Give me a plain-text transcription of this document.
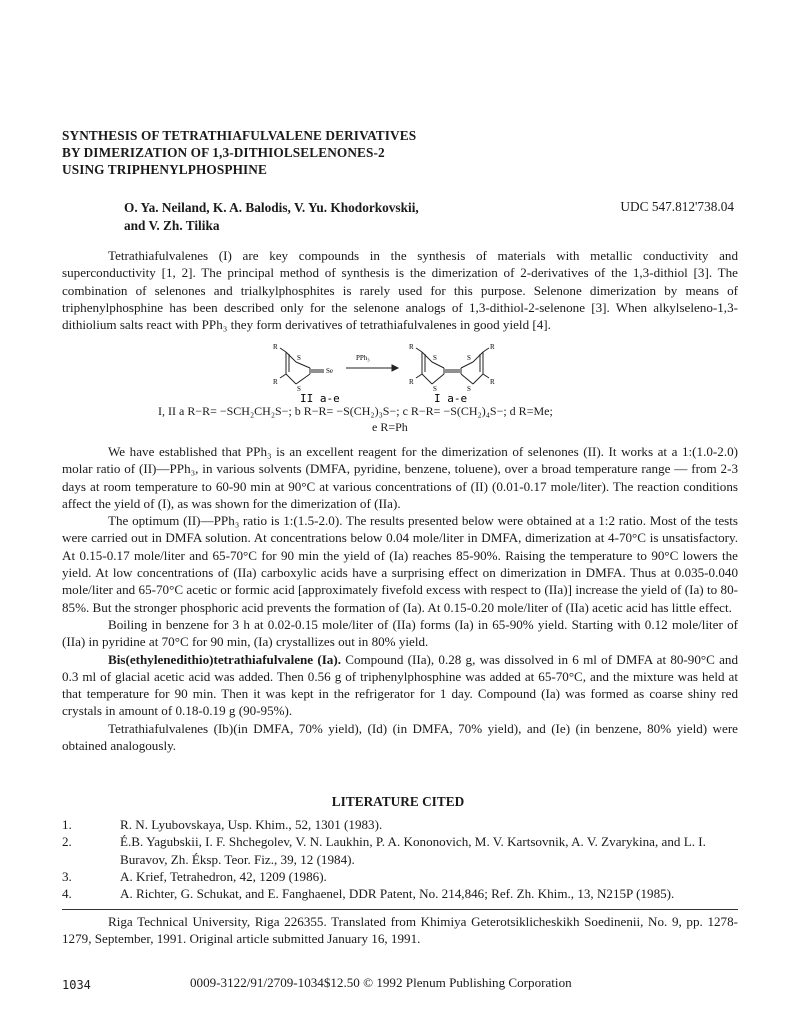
SYNTHESIS OF TETRATHIAFULVALENE DERIVATIVES
BY DIMERIZATION OF 1,3-DITHIOLSELENONES-2
USING TRIPHENYLPHOSPHINE
O. Ya. Neiland, K. A. Balodis, V. Yu. Khodorkovskii,
and V. Zh. Tilika
UDC 547.812'738.04

Tetrathiafulvalenes (I) are key compounds in the synthesis of materials with metallic conductivity and superconductivity [1, 2]. The principal method of synthesis is the dimerization of 2-derivatives of the 1,3-dithiol [3]. The combination of selenones and trialkylphosphites is rarely used for this purpose. Selenone dimerization by means of triphenylphosphine has been described only for the selenone analogs of 1,3-dithiol-2-selenone [3]. When alkylseleno-1,3-dithiolium salts react with PPh₃ they form derivatives of tetrathiafulvalenes in good yield [4].

R
R
S
S
Se
PPh₃
R
R
R
R
S
S
S
S
II a-e	I a-e
I, II a R−R= −SCH₂CH₂S−; b R−R= −S(CH₂)₃S−; c R−R= −S(CH₂)₄S−; d R=Me;
e R=Ph

We have established that PPh₃ is an excellent reagent for the dimerization of selenones (II). It works at a 1:(1.0-2.0) molar ratio of (II)—PPh₃, in various solvents (DMFA, pyridine, benzene, toluene), over a broad temperature range — from 2-3 days at room temperature to 60-90 min at 90°C at various concentrations of (II) (0.01-0.17 mole/liter). The reaction conditions affect the yield of (I), as was shown for the dimerization of (IIa).

The optimum (II)—PPh₃ ratio is 1:(1.5-2.0). The results presented below were obtained at a 1:2 ratio. Most of the tests were carried out in DMFA solution. At concentrations below 0.04 mole/liter in DMFA, dimerization at 4-70°C is unsatisfactory. At 0.15-0.17 mole/liter and 65-70°C for 90 min the yield of (Ia) reaches 85-90%. Raising the temperature to 90°C lowers the yield. At low concentrations of (IIa) carboxylic acids have a surprising effect on dimerization in DMFA. Thus at 0.035-0.040 mole/liter and 65-70°C acetic or formic acid [approximately fivefold excess with respect to (IIa)] increase the yield of (Ia) to 80-85%. But the stronger phosphoric acid prevents the formation of (Ia). At 0.15-0.20 mole/liter of (IIa) acetic acid has little effect.

Boiling in benzene for 3 h at 0.02-0.15 mole/liter of (IIa) forms (Ia) in 65-90% yield. Starting with 0.12 mole/liter of (IIa) in pyridine at 70°C for 90 min, (Ia) crystallizes out in 80% yield.

Bis(ethylenedithio)tetrathiafulvalene (Ia). Compound (IIa), 0.28 g, was dissolved in 6 ml of DMFA at 80-90°C and 0.3 ml of glacial acetic acid was added. Then 0.56 g of triphenylphosphine was added at 65-70°C, and the mixture was held at that temperature for 90 min. Then it was kept in the refrigerator for 1 day. Compound (Ia) was formed as coarse shiny red crystals in amount of 0.18-0.19 g (90-95%).

Tetrathiafulvalenes (Ib)(in DMFA, 70% yield), (Id) (in DMFA, 70% yield), and (Ie) (in benzene, 80% yield) were obtained analogously.

LITERATURE CITED
1.	R. N. Lyubovskaya, Usp. Khim., 52, 1301 (1983).
2.	É.B. Yagubskii, I. F. Shchegolev, V. N. Laukhin, P. A. Kononovich, M. V. Kartsovnik, A. V. Zvarykina, and L. I. Buravov, Zh. Éksp. Teor. Fiz., 39, 12 (1984).
3.	A. Krief, Tetrahedron, 42, 1209 (1986).
4.	A. Richter, G. Schukat, and E. Fanghaenel, DDR Patent, No. 214,846; Ref. Zh. Khim., 13, N215P (1985).

Riga Technical University, Riga 226355. Translated from Khimiya Geterotsiklicheskikh Soedinenii, No. 9, pp. 1278-1279, September, 1991. Original article submitted January 16, 1991.

1034	0009-3122/91/2709-1034$12.50 © 1992 Plenum Publishing Corporation
